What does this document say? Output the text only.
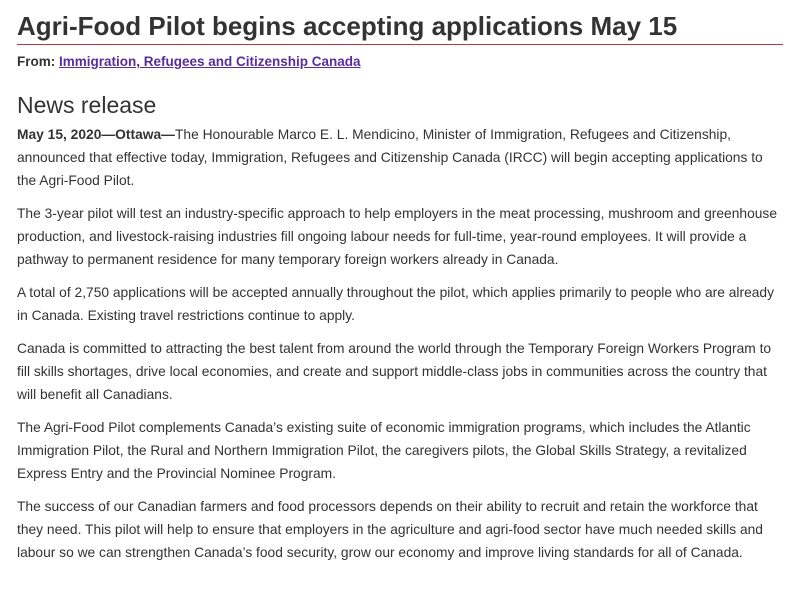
Agri-Food Pilot begins accepting applications May 15
From: Immigration, Refugees and Citizenship Canada
News release

May 15, 2020—Ottawa—The Honourable Marco E. L. Mendicino, Minister of Immigration, Refugees and Citizenship, announced that effective today, Immigration, Refugees and Citizenship Canada (IRCC) will begin accepting applications to the Agri-Food Pilot.

The 3-year pilot will test an industry-specific approach to help employers in the meat processing, mushroom and greenhouse production, and livestock-raising industries fill ongoing labour needs for full-time, year-round employees. It will provide a pathway to permanent residence for many temporary foreign workers already in Canada.

A total of 2,750 applications will be accepted annually throughout the pilot, which applies primarily to people who are already in Canada. Existing travel restrictions continue to apply.

Canada is committed to attracting the best talent from around the world through the Temporary Foreign Workers Program to fill skills shortages, drive local economies, and create and support middle-class jobs in communities across the country that will benefit all Canadians.

The Agri-Food Pilot complements Canada’s existing suite of economic immigration programs, which includes the Atlantic Immigration Pilot, the Rural and Northern Immigration Pilot, the caregivers pilots, the Global Skills Strategy, a revitalized Express Entry and the Provincial Nominee Program.

The success of our Canadian farmers and food processors depends on their ability to recruit and retain the workforce that they need. This pilot will help to ensure that employers in the agriculture and agri-food sector have much needed skills and labour so we can strengthen Canada’s food security, grow our economy and improve living standards for all of Canada.
